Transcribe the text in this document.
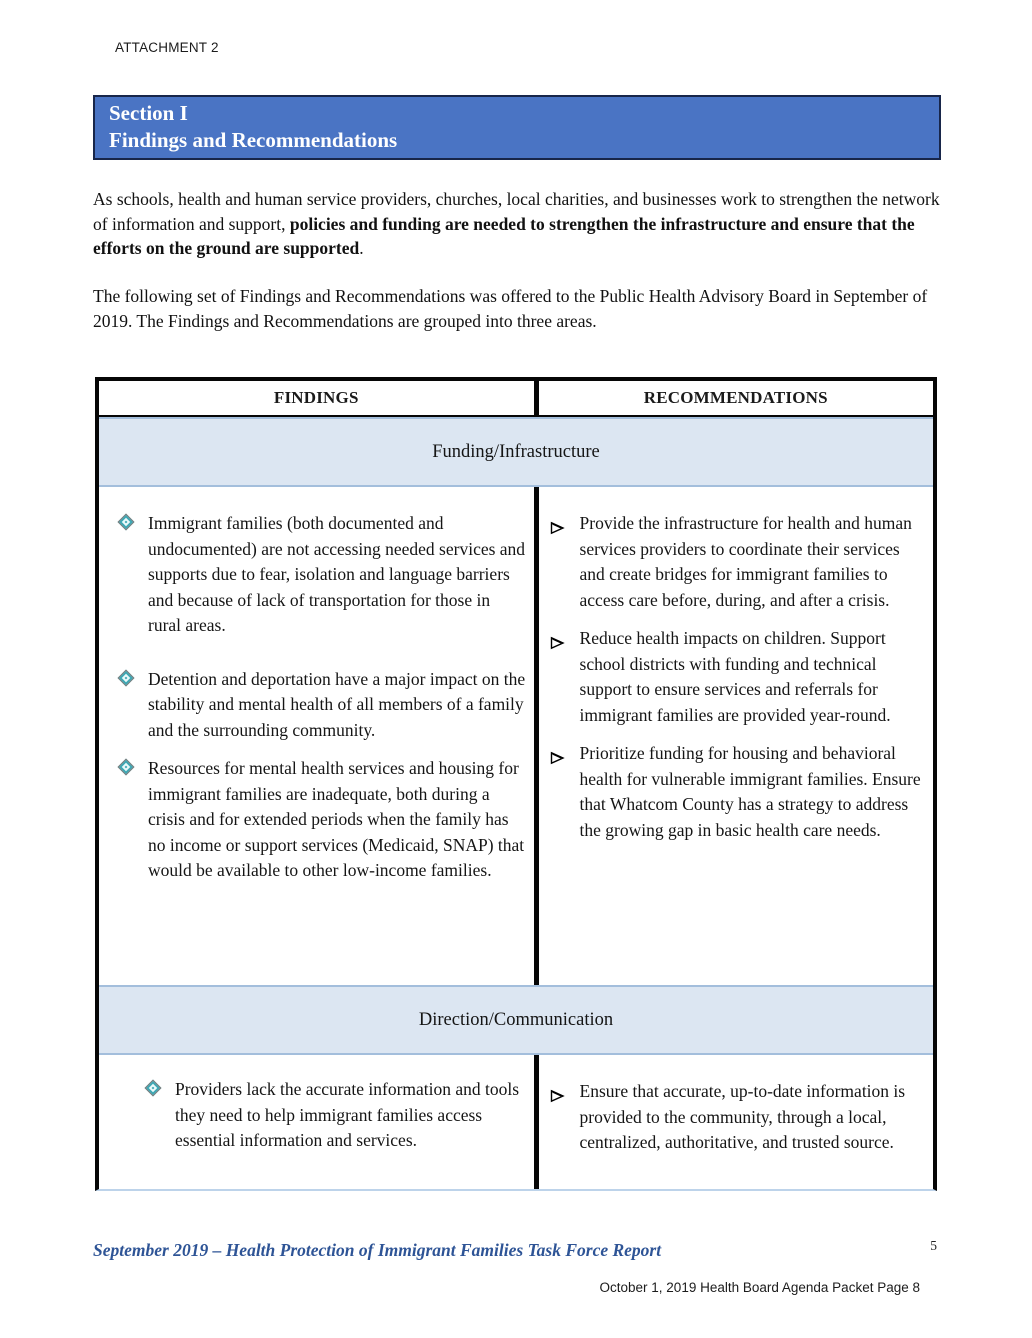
ATTACHMENT 2
Section I
Findings and Recommendations

As schools, health and human service providers, churches, local charities, and businesses work to strengthen the network of information and support, policies and funding are needed to strengthen the infrastructure and ensure that the efforts on the ground are supported.

The following set of Findings and Recommendations was offered to the Public Health Advisory Board in September of 2019. The Findings and Recommendations are grouped into three areas.

FINDINGS	RECOMMENDATIONS
Funding/Infrastructure
Immigrant families (both documented and undocumented) are not accessing needed services and supports due to fear, isolation and language barriers and because of lack of transportation for those in rural areas.
Detention and deportation have a major impact on the stability and mental health of all members of a family and the surrounding community.
Resources for mental health services and housing for immigrant families are inadequate, both during a crisis and for extended periods when the family has no income or support services (Medicaid, SNAP) that would be available to other low-income families.
Provide the infrastructure for health and human services providers to coordinate their services and create bridges for immigrant families to access care before, during, and after a crisis.
Reduce health impacts on children. Support school districts with funding and technical support to ensure services and referrals for immigrant families are provided year-round.
Prioritize funding for housing and behavioral health for vulnerable immigrant families. Ensure that Whatcom County has a strategy to address the growing gap in basic health care needs.
Direction/Communication
Providers lack the accurate information and tools they need to help immigrant families access essential information and services.
Ensure that accurate, up-to-date information is provided to the community, through a local, centralized, authoritative, and trusted source.
September 2019 – Health Protection of Immigrant Families Task Force Report	5
October 1, 2019 Health Board Agenda Packet Page 8
